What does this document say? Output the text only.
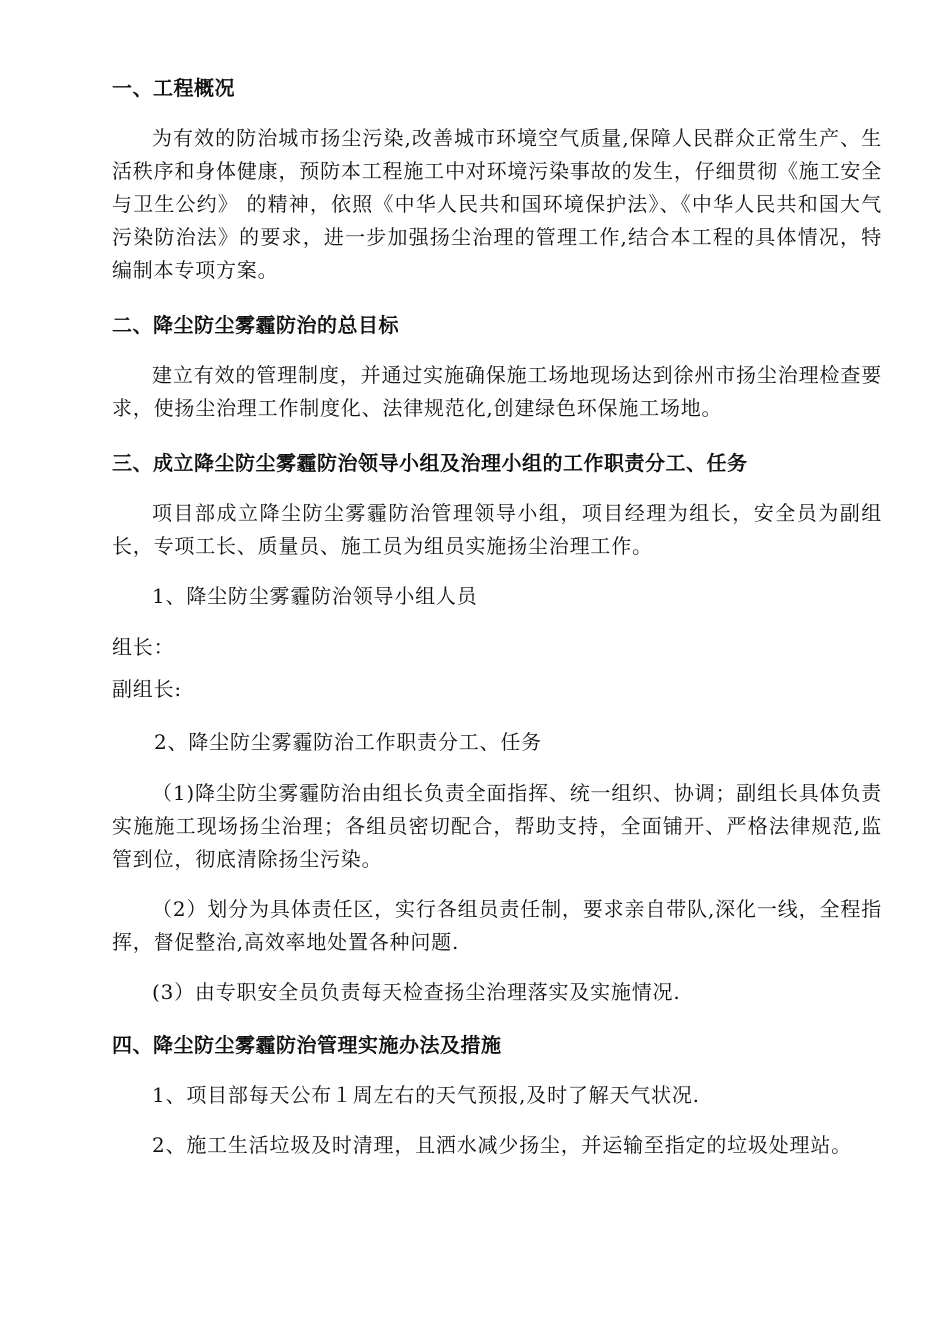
一、工程概况

为有效的防治城市扬尘污染,改善城市环境空气质量,保障人民群众正常生产、生活秩序和身体健康，预防本工程施工中对环境污染事故的发生，仔细贯彻《施工安全与卫生公约》 的精神，依照《中华人民共和国环境保护法》、《中华人民共和国大气污染防治法》的要求，进一步加强扬尘治理的管理工作,结合本工程的具体情况，特编制本专项方案。

二、降尘防尘雾霾防治的总目标

建立有效的管理制度，并通过实施确保施工场地现场达到徐州市扬尘治理检查要求，使扬尘治理工作制度化、法律规范化,创建绿色环保施工场地。

三、成立降尘防尘雾霾防治领导小组及治理小组的工作职责分工、任务

项目部成立降尘防尘雾霾防治管理领导小组，项目经理为组长，安全员为副组长，专项工长、质量员、施工员为组员实施扬尘治理工作。

1、降尘防尘雾霾防治领导小组人员

组长：

副组长:

2、降尘防尘雾霾防治工作职责分工、任务

（1)降尘防尘雾霾防治由组长负责全面指挥、统一组织、协调；副组长具体负责实施施工现场扬尘治理；各组员密切配合，帮助支持，全面铺开、严格法律规范,监管到位，彻底清除扬尘污染。

（2）划分为具体责任区，实行各组员责任制，要求亲自带队,深化一线，全程指挥，督促整治,高效率地处置各种问题.

(3）由专职安全员负责每天检查扬尘治理落实及实施情况.

四、降尘防尘雾霾防治管理实施办法及措施

1、项目部每天公布１周左右的天气预报,及时了解天气状况.

2、施工生活垃圾及时清理，且洒水减少扬尘，并运输至指定的垃圾处理站。
